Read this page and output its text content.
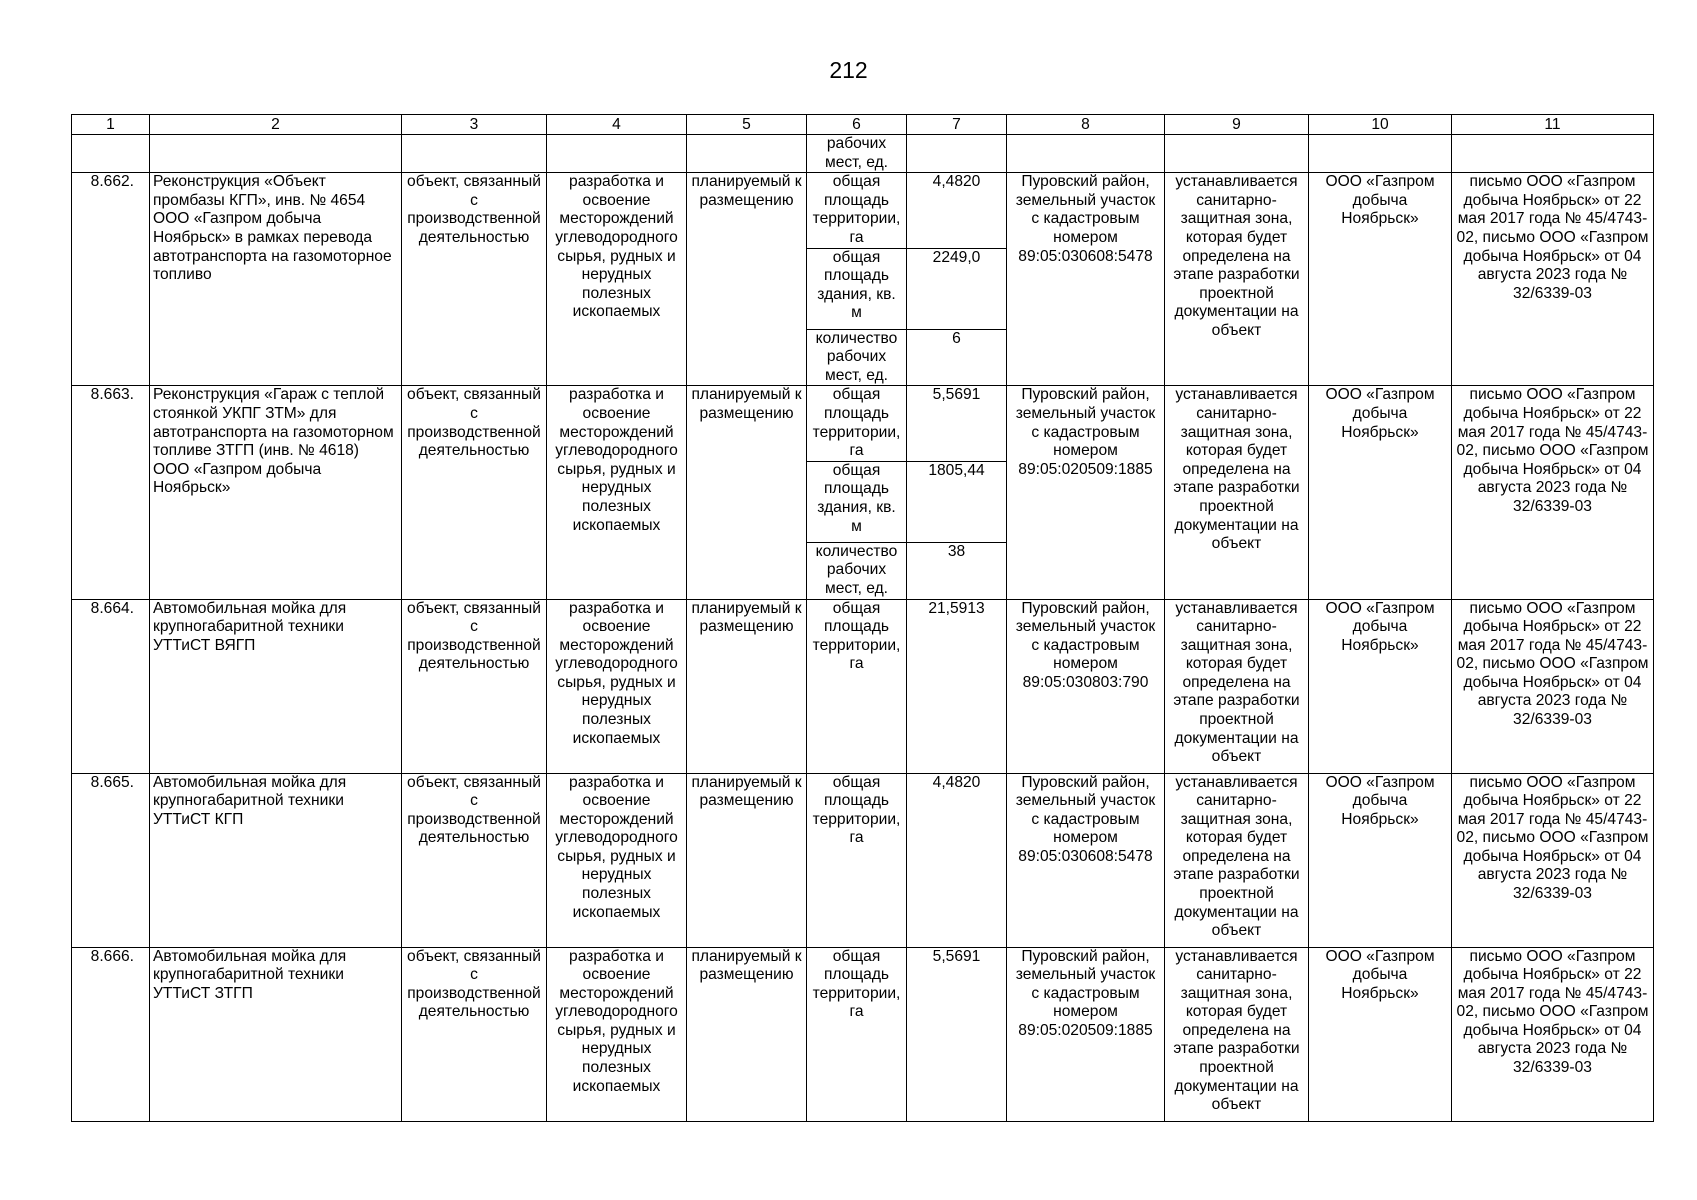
212
1	2	3	4	5	6	7	8	9	10	11
					рабочих мест, ед.					
8.662.	Реконструкция «Объект промбазы КГП», инв. № 4654 ООО «Газпром добыча Ноябрьск» в рамках перевода автотранспорта на газомоторное топливо	объект, связанный с производственной деятельностью	разработка и освоение месторождений углеводородного сырья, рудных и нерудных полезных ископаемых	планируемый к размещению	общая площадь территории, га	4,4820	Пуровский район, земельный участок с кадастровым номером 89:05:030608:5478	устанавливается санитарно-защитная зона, которая будет определена на этапе разработки проектной документации на объект	ООО «Газпром добыча Ноябрьск»	письмо ООО «Газпром добыча Ноябрьск» от 22 мая 2017 года № 45/4743-02, письмо ООО «Газпром добыча Ноябрьск» от 04 августа 2023 года № 32/6339-03
					общая площадь здания, кв. м	2249,0				
					количество рабочих мест, ед.	6				
8.663.	Реконструкция «Гараж с теплой стоянкой УКПГ ЗТМ» для автотранспорта на газомоторном топливе ЗТГП (инв. № 4618) ООО «Газпром добыча Ноябрьск»	объект, связанный с производственной деятельностью	разработка и освоение месторождений углеводородного сырья, рудных и нерудных полезных ископаемых	планируемый к размещению	общая площадь территории, га	5,5691	Пуровский район, земельный участок с кадастровым номером 89:05:020509:1885	устанавливается санитарно-защитная зона, которая будет определена на этапе разработки проектной документации на объект	ООО «Газпром добыча Ноябрьск»	письмо ООО «Газпром добыча Ноябрьск» от 22 мая 2017 года № 45/4743-02, письмо ООО «Газпром добыча Ноябрьск» от 04 августа 2023 года № 32/6339-03
					общая площадь здания, кв. м	1805,44				
					количество рабочих мест, ед.	38				
8.664.	Автомобильная мойка для крупногабаритной техники УТТиСТ ВЯГП	объект, связанный с производственной деятельностью	разработка и освоение месторождений углеводородного сырья, рудных и нерудных полезных ископаемых	планируемый к размещению	общая площадь территории, га	21,5913	Пуровский район, земельный участок с кадастровым номером 89:05:030803:790	устанавливается санитарно-защитная зона, которая будет определена на этапе разработки проектной документации на объект	ООО «Газпром добыча Ноябрьск»	письмо ООО «Газпром добыча Ноябрьск» от 22 мая 2017 года № 45/4743-02, письмо ООО «Газпром добыча Ноябрьск» от 04 августа 2023 года № 32/6339-03
8.665.	Автомобильная мойка для крупногабаритной техники УТТиСТ КГП	объект, связанный с производственной деятельностью	разработка и освоение месторождений углеводородного сырья, рудных и нерудных полезных ископаемых	планируемый к размещению	общая площадь территории, га	4,4820	Пуровский район, земельный участок с кадастровым номером 89:05:030608:5478	устанавливается санитарно-защитная зона, которая будет определена на этапе разработки проектной документации на объект	ООО «Газпром добыча Ноябрьск»	письмо ООО «Газпром добыча Ноябрьск» от 22 мая 2017 года № 45/4743-02, письмо ООО «Газпром добыча Ноябрьск» от 04 августа 2023 года № 32/6339-03
8.666.	Автомобильная мойка для крупногабаритной техники УТТиСТ ЗТГП	объект, связанный с производственной деятельностью	разработка и освоение месторождений углеводородного сырья, рудных и нерудных полезных ископаемых	планируемый к размещению	общая площадь территории, га	5,5691	Пуровский район, земельный участок с кадастровым номером 89:05:020509:1885	устанавливается санитарно-защитная зона, которая будет определена на этапе разработки проектной документации на объект	ООО «Газпром добыча Ноябрьск»	письмо ООО «Газпром добыча Ноябрьск» от 22 мая 2017 года № 45/4743-02, письмо ООО «Газпром добыча Ноябрьск» от 04 августа 2023 года № 32/6339-03
